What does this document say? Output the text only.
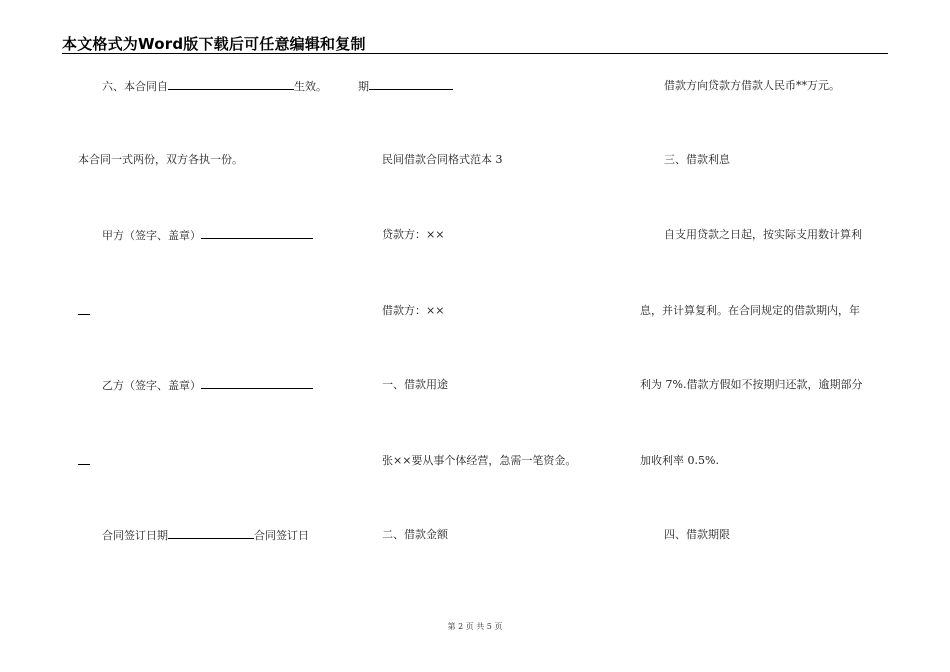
本文格式为Word版下载后可任意编辑和复制
六、本合同自	生效。
本合同一式两份，双方各执一份。
甲方（签字、盖章）
乙方（签字、盖章）
合同签订日期	合同签订日
期
民间借款合同格式范本 3
贷款方：××
借款方：××
一、借款用途
张××要从事个体经营，急需一笔资金。
二、借款金额
借款方向贷款方借款人民币**万元。
三、借款利息
自支用贷款之日起，按实际支用数计算利
息，并计算复利。在合同规定的借款期内，年
利为 7%.借款方假如不按期归还款，逾期部分
加收利率 0.5%.
四、借款期限
第 2 页 共 5 页
